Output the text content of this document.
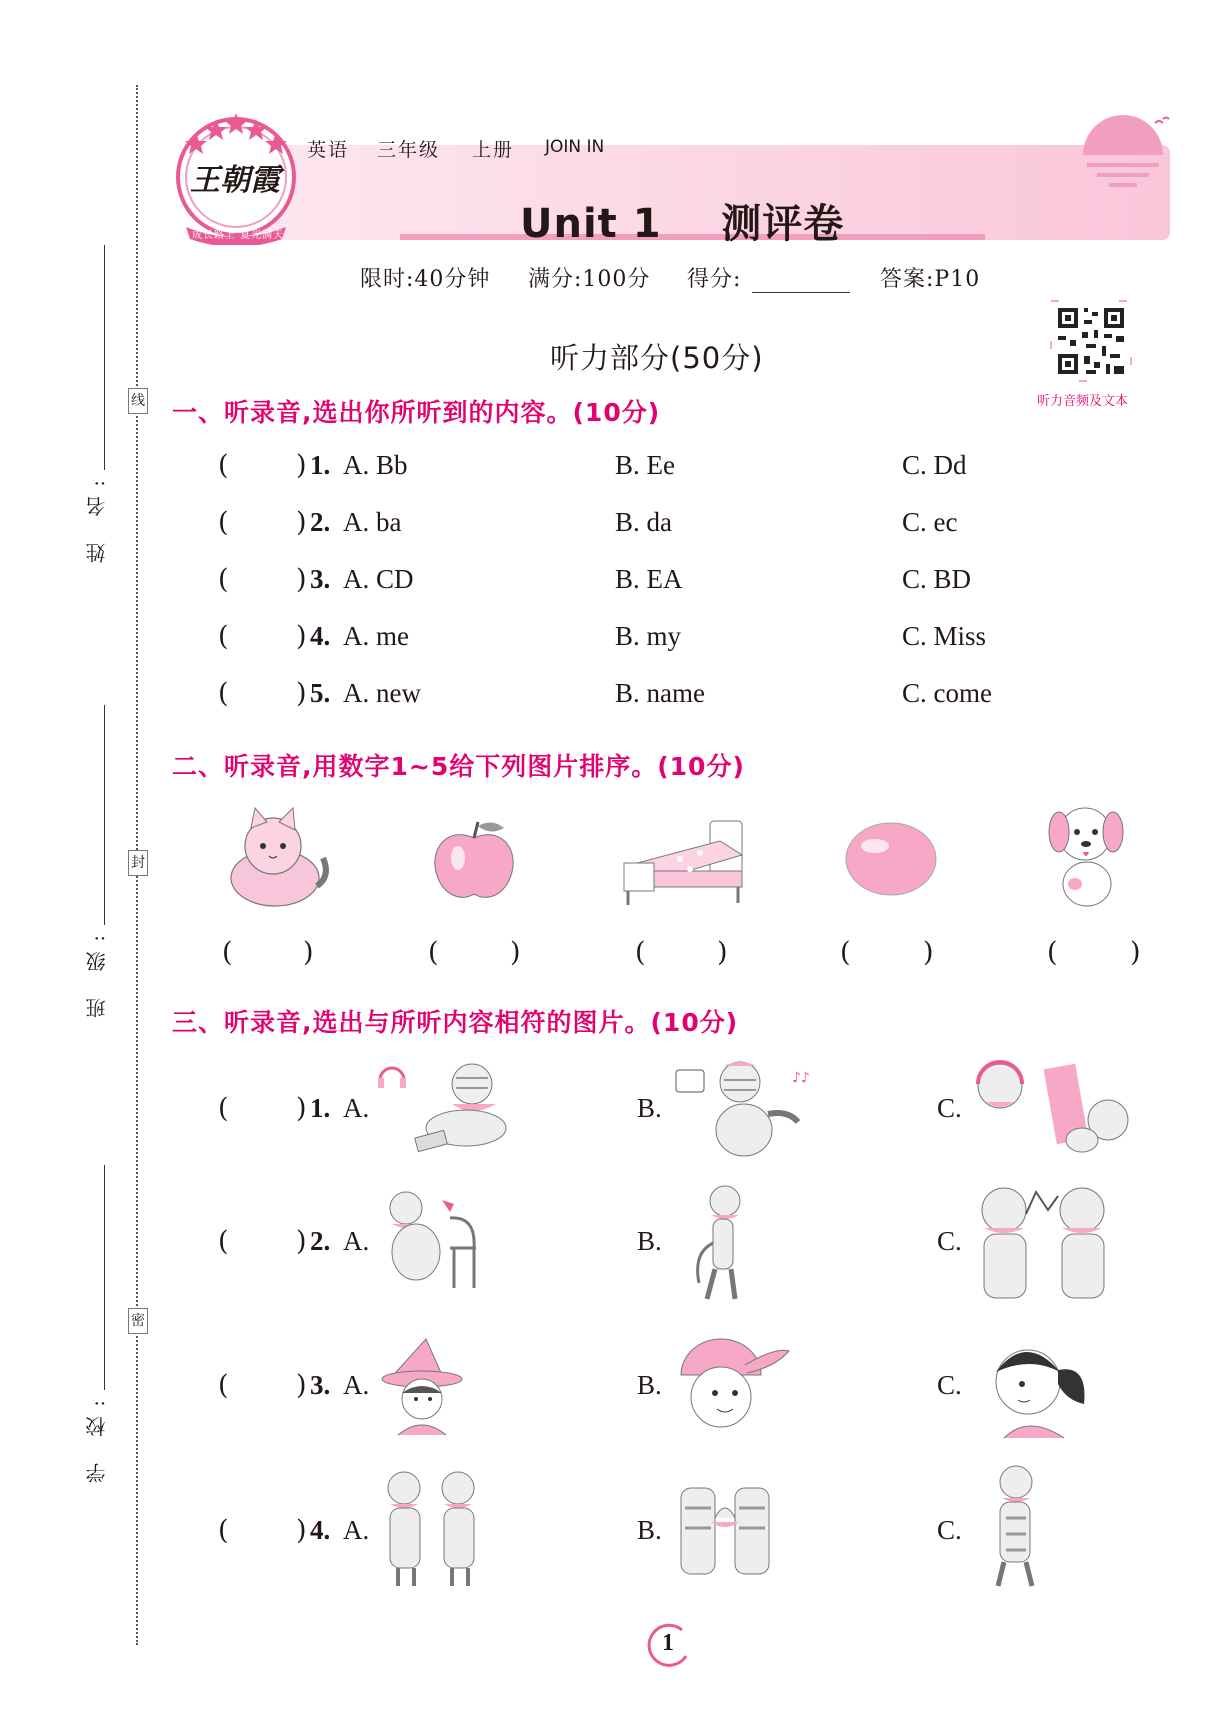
线
封
密
姓 名:
班 级:
学 校:
王朝霞
成长路上 夏光满天
英语 三年级 上册 JOIN IN
Unit 1    测评卷
限时:40分钟 满分:100分 得分:	答案:P10
听力音频及文本
听力部分(50分)
一、听录音,选出你所听到的内容。(10分)
( ) 1. A. Bb	B. Ee	C. Dd
( ) 2. A. ba	B. da	C. ec
( ) 3. A. CD	B. EA	C. BD
( ) 4. A. me	B. my	C. Miss
( ) 5. A. new	B. name	C. come
二、听录音,用数字1~5给下列图片排序。(10分)
(	)	(	)	(	)	(	)	(	)
三、听录音,选出与所听内容相符的图片。(10分)
( ) 1. A.	B.	C.
♪♪
( ) 2. A.	B.	C.
( ) 3. A.	B.	C.
( ) 4. A.	B.	C.
1
